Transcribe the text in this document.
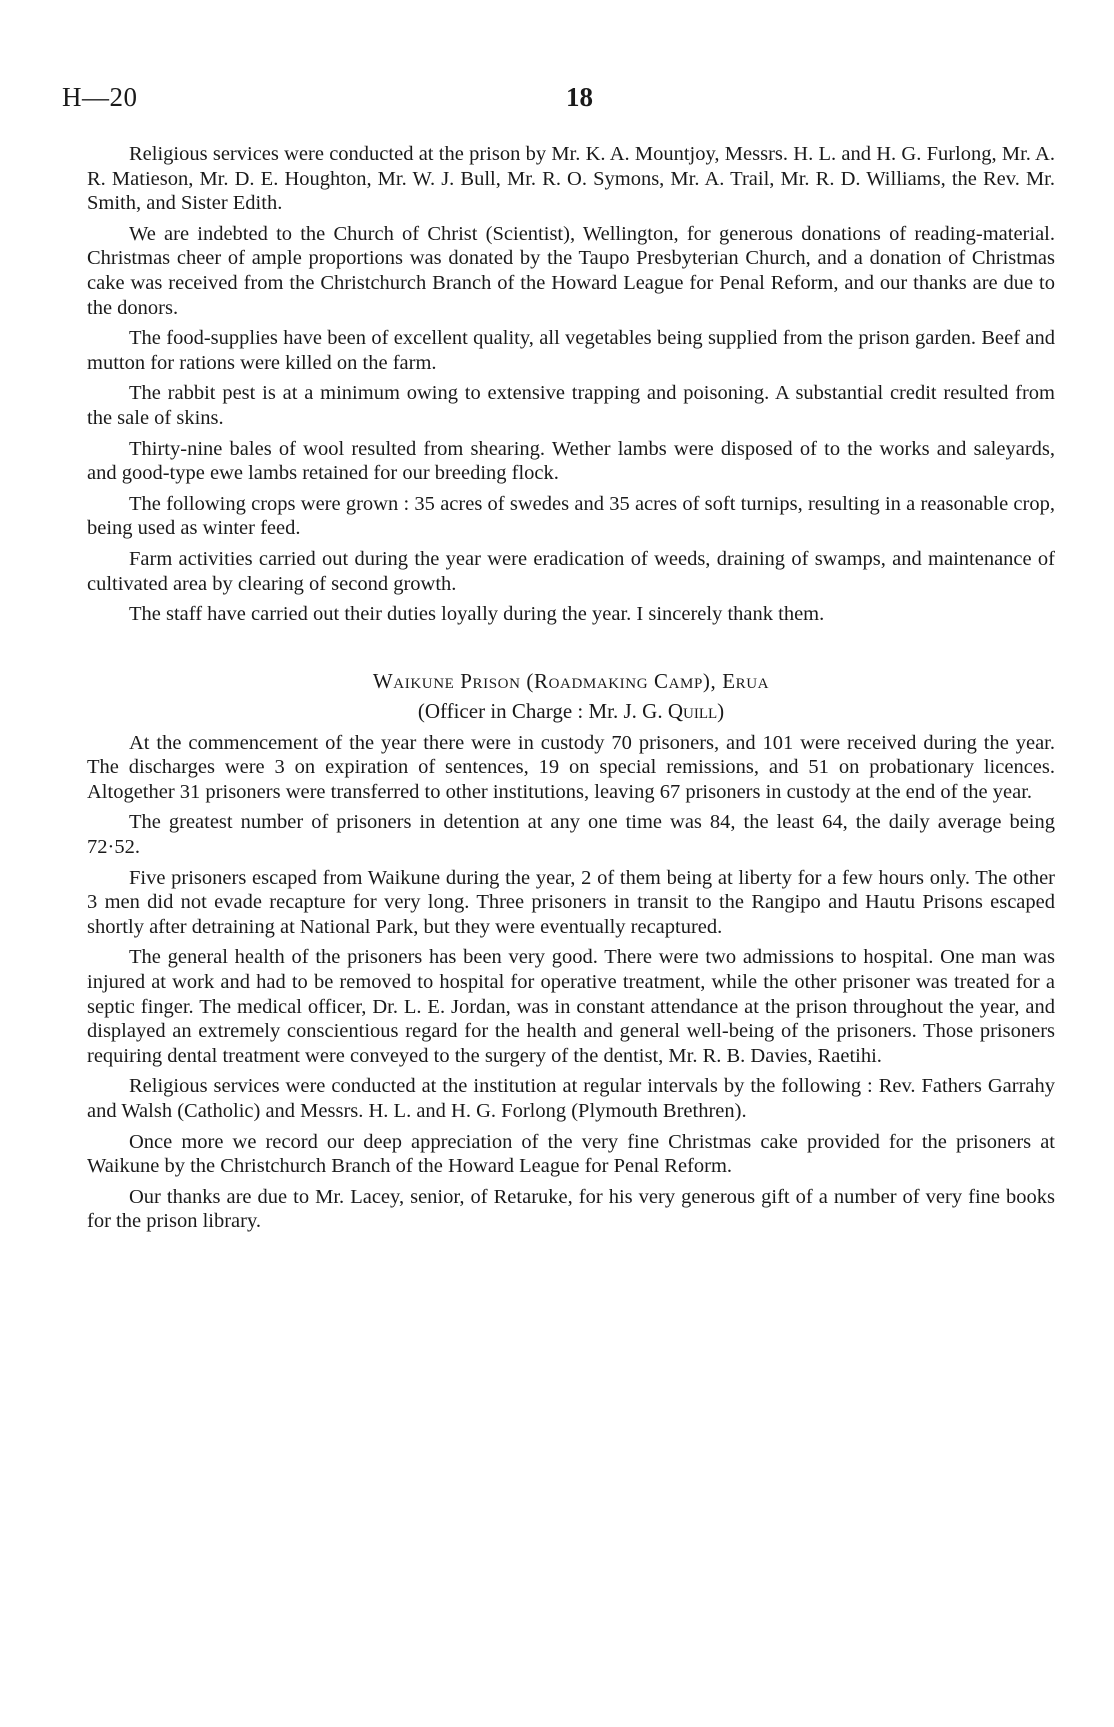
H—20	18

Religious services were conducted at the prison by Mr. K. A. Mountjoy, Messrs. H. L. and H. G. Furlong, Mr. A. R. Matieson, Mr. D. E. Houghton, Mr. W. J. Bull, Mr. R. O. Symons, Mr. A. Trail, Mr. R. D. Williams, the Rev. Mr. Smith, and Sister Edith.

We are indebted to the Church of Christ (Scientist), Wellington, for generous donations of reading-material. Christmas cheer of ample proportions was donated by the Taupo Presbyterian Church, and a donation of Christmas cake was received from the Christchurch Branch of the Howard League for Penal Reform, and our thanks are due to the donors.

The food-supplies have been of excellent quality, all vegetables being supplied from the prison garden. Beef and mutton for rations were killed on the farm.

The rabbit pest is at a minimum owing to extensive trapping and poisoning. A substantial credit resulted from the sale of skins.

Thirty-nine bales of wool resulted from shearing. Wether lambs were disposed of to the works and saleyards, and good-type ewe lambs retained for our breeding flock.

The following crops were grown : 35 acres of swedes and 35 acres of soft turnips, resulting in a reasonable crop, being used as winter feed.

Farm activities carried out during the year were eradication of weeds, draining of swamps, and maintenance of cultivated area by clearing of second growth.

The staff have carried out their duties loyally during the year. I sincerely thank them.

Waikune Prison (Roadmaking Camp), Erua
(Officer in Charge : Mr. J. G. Quill)

At the commencement of the year there were in custody 70 prisoners, and 101 were received during the year. The discharges were 3 on expiration of sentences, 19 on special remissions, and 51 on probationary licences. Altogether 31 prisoners were transferred to other institutions, leaving 67 prisoners in custody at the end of the year.

The greatest number of prisoners in detention at any one time was 84, the least 64, the daily average being 72·52.

Five prisoners escaped from Waikune during the year, 2 of them being at liberty for a few hours only. The other 3 men did not evade recapture for very long. Three prisoners in transit to the Rangipo and Hautu Prisons escaped shortly after detraining at National Park, but they were eventually recaptured.

The general health of the prisoners has been very good. There were two admissions to hospital. One man was injured at work and had to be removed to hospital for operative treatment, while the other prisoner was treated for a septic finger. The medical officer, Dr. L. E. Jordan, was in constant attendance at the prison throughout the year, and displayed an extremely conscientious regard for the health and general well-being of the prisoners. Those prisoners requiring dental treatment were conveyed to the surgery of the dentist, Mr. R. B. Davies, Raetihi.

Religious services were conducted at the institution at regular intervals by the following : Rev. Fathers Garrahy and Walsh (Catholic) and Messrs. H. L. and H. G. Forlong (Plymouth Brethren).

Once more we record our deep appreciation of the very fine Christmas cake provided for the prisoners at Waikune by the Christchurch Branch of the Howard League for Penal Reform.

Our thanks are due to Mr. Lacey, senior, of Retaruke, for his very generous gift of a number of very fine books for the prison library.
